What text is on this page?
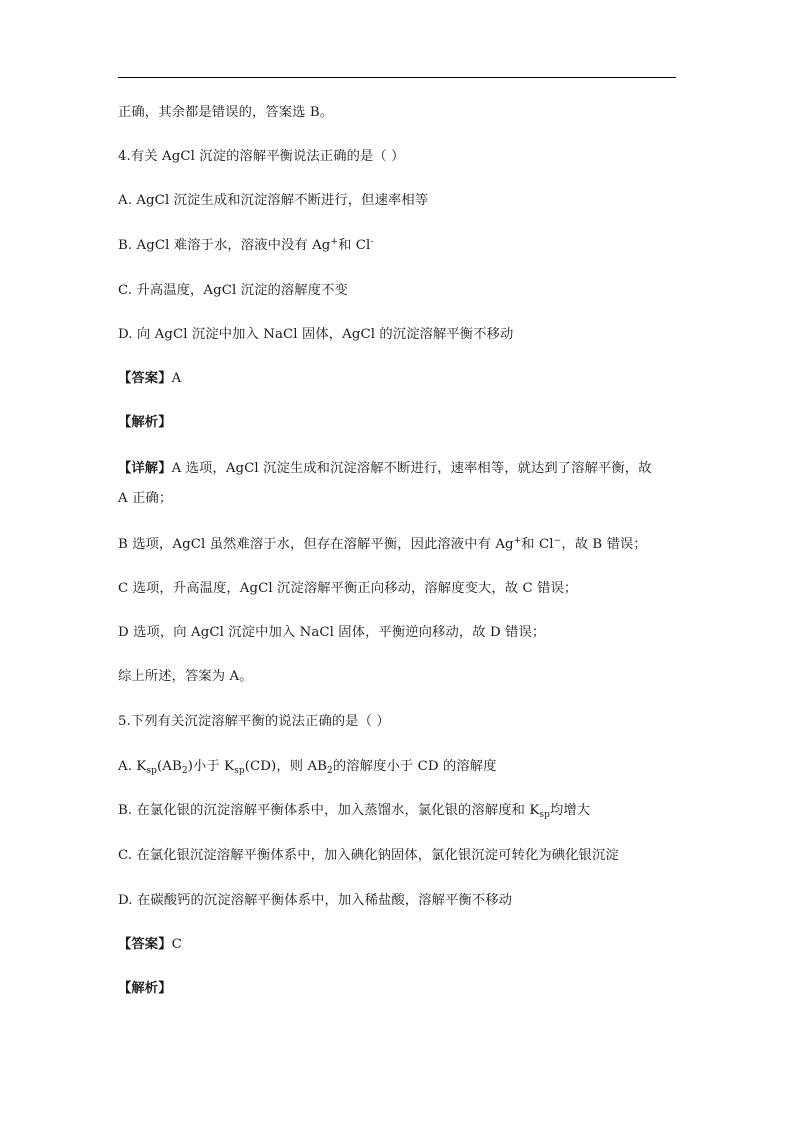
正确，其余都是错误的，答案选 B。
4.有关 AgCl 沉淀的溶解平衡说法正确的是（ ）
A. AgCl 沉淀生成和沉淀溶解不断进行，但速率相等
B. AgCl 难溶于水，溶液中没有 Ag+和 Cl-
C. 升高温度，AgCl 沉淀的溶解度不变
D. 向 AgCl 沉淀中加入 NaCl 固体，AgCl 的沉淀溶解平衡不移动
【答案】A
【解析】
【详解】A 选项，AgCl 沉淀生成和沉淀溶解不断进行，速率相等，就达到了溶解平衡，故
A 正确；
B 选项，AgCl 虽然难溶于水，但存在溶解平衡，因此溶液中有 Ag+和 Cl−，故 B 错误；
C 选项，升高温度，AgCl 沉淀溶解平衡正向移动，溶解度变大，故 C 错误；
D 选项，向 AgCl 沉淀中加入 NaCl 固体，平衡逆向移动，故 D 错误；
综上所述，答案为 A。
5.下列有关沉淀溶解平衡的说法正确的是（ ）
A. $K_{sp}(AB_2)$小于 $K_{sp}(CD)$，则 $AB_2$的溶解度小于 CD 的溶解度
B. 在氯化银的沉淀溶解平衡体系中，加入蒸馏水，氯化银的溶解度和 $K_{sp}$均增大
C. 在氯化银沉淀溶解平衡体系中，加入碘化钠固体，氯化银沉淀可转化为碘化银沉淀
D. 在碳酸钙的沉淀溶解平衡体系中，加入稀盐酸，溶解平衡不移动
【答案】C
【解析】
